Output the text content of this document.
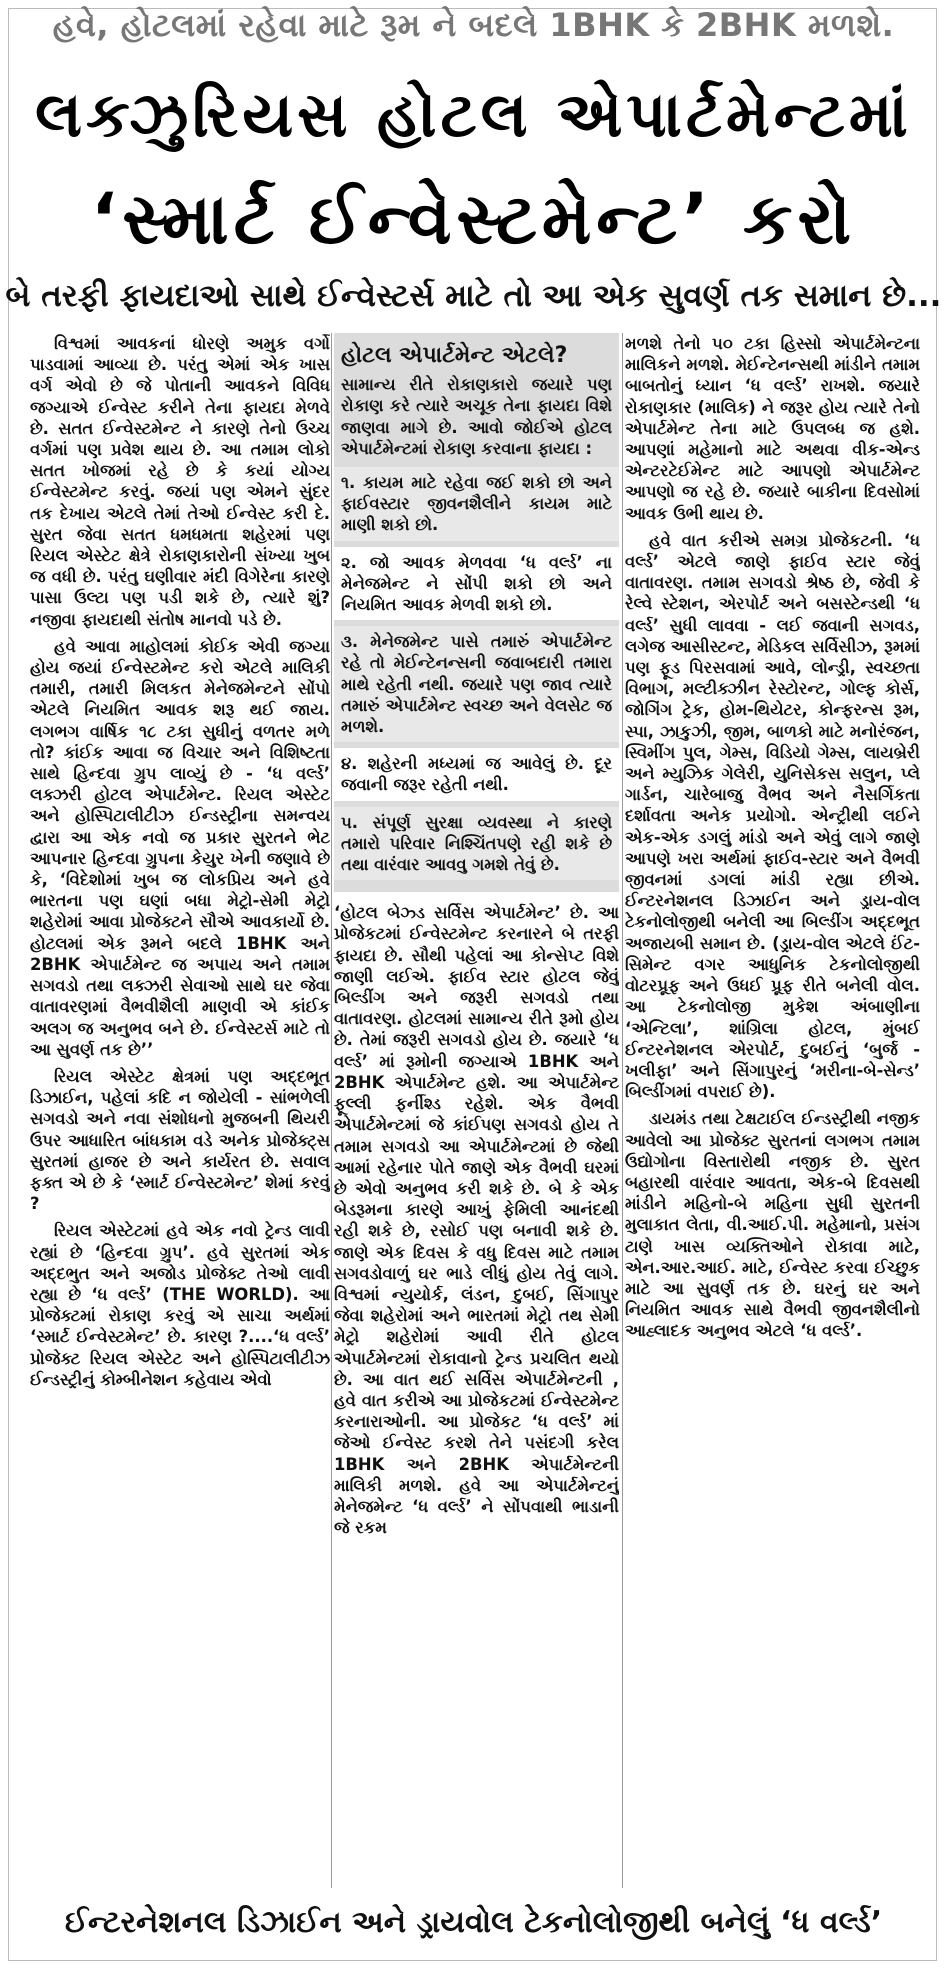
હવે, હોટલમાં રહેવા માટે રૂમ ને બદલે 1BHK કે 2BHK મળશે.
લક્ઝુરિયસ હોટલ એપાર્ટમેન્ટમાં
‘સ્માર્ટ ઈન્વેસ્ટમેન્ટ’ કરો
બે તરફી ફાયદાઓ સાથે ઈન્વેસ્ટર્સ માટે તો આ એક સુવર્ણ તક સમાન છે...

વિશ્વમાં આવકનાં ધોરણે અમુક વર્ગો પાડવામાં આવ્યા છે. પરંતુ એમાં એક ખાસ વર્ગ એવો છે જે પોતાની આવકને વિવિધ જગ્યાએ ઈન્વેસ્ટ કરીને તેના ફાયદા મેળવે છે. સતત ઈન્વેસ્ટમેન્ટ ને કારણે તેનો ઉચ્ચ વર્ગમાં પણ પ્રવેશ થાય છે. આ તમામ લોકો સતત ખોજમાં રહે છે કે કયાં યોગ્ય ઈન્વેસ્ટમેન્ટ કરવું. જયાં પણ એમને સુંદર તક દેખાય એટલે તેમાં તેઓ ઈન્વેસ્ટ કરી દે. સુરત જેવા સતત ધમધમતા શહેરમાં પણ રિયલ એસ્ટેટ ક્ષેત્રે રોકાણકારોની સંખ્યા ખુબ જ વધી છે. પરંતુ ઘણીવાર મંદી વિગેરેના કારણે પાસા ઉલ્ટા પણ પડી શકે છે, ત્યારે શું? નજીવા ફાયદાથી સંતોષ માનવો પડે છે.

હવે આવા માહોલમાં કોઈક એવી જગ્યા હોય જયાં ઈન્વેસ્ટમેન્ટ કરો એટલે માલિકી તમારી, તમારી મિલકત મેનેજમેન્ટને સોંપો એટલે નિયમિત આવક શરૂ થઈ જાય. લગભગ વાર્ષિક ૧૮ ટકા સુધીનું વળતર મળે તો? કાંઈક આવા જ વિચાર અને વિશિષ્ટતા સાથે હિન્દવા ગ્રુપ લાવ્યું છે - ‘ધ વર્લ્ડ’ લક્ઝરી હોટલ એપાર્ટમેન્ટ. રિયલ એસ્ટેટ અને હોસ્પિટાલીટીઝ ઈન્ડસ્ટ્રીના સમન્વય દ્વારા આ એક નવો જ પ્રકાર સુરતને ભેટ આપનાર હિન્દવા ગ્રુપના કેયુર ખેની જણાવે છે કે, ‘વિદેશોમાં ખુબ જ લોકપ્રિય અને હવે ભારતના પણ ઘણાં બધા મેટ્રો-સેમી મેટ્રો શહેરોમાં આવા પ્રોજેક્ટને સૌએ આવકાર્યો છે. હોટલમાં એક રૂમને બદલે 1BHK અને 2BHK એપાર્ટમેન્ટ જ અપાય અને તમામ સગવડો તથા લક્ઝરી સેવાઓ સાથે ઘર જેવા વાતાવરણમાં વૈભવીશૈલી માણવી એ કાંઈક અલગ જ અનુભવ બને છે. ઈન્વેસ્ટર્સ માટે તો આ સુવર્ણ તક છે’’

રિયલ એસ્ટેટ ક્ષેત્રમાં પણ અદ્દભૂત ડિઝાઈન, પહેલાં કદિ ન જોયેલી - સાંભળેલી સગવડો અને નવા સંશોધનો મુજબની થિયરી ઉપર આધારિત બાંધકામ વડે અનેક પ્રોજેક્ટ્સ સુરતમાં હાજર છે અને કાર્યરત છે. સવાલ ફક્ત એ છે કે ‘સ્માર્ટ ઈન્વેસ્ટમેન્ટ’ શેમાં કરવું ?

રિયલ એસ્ટેટમાં હવે એક નવો ટ્રેન્ડ લાવી રહ્યાં છે ‘હિન્દવા ગ્રુપ’. હવે સુરતમાં એક અદ્દભુત અને અજોડ પ્રોજેક્ટ તેઓ લાવી રહ્યા છે ‘ધ વર્લ્ડ’ (THE WORLD). આ પ્રોજેક્ટમાં રોકાણ કરવું એ સાચા અર્થમાં ‘સ્માર્ટ ઈન્વેસ્ટમેન્ટ’ છે. કારણ ?....‘ધ વર્લ્ડ’ પ્રોજેક્ટ રિયલ એસ્ટેટ અને હોસ્પિટાલીટીઝ ઈન્ડસ્ટ્રીનું કોમ્બીનેશન કહેવાય એવો

હોટલ એપાર્ટમેન્ટ એટલે?

સામાન્ય રીતે રોકાણકારો જયારે પણ રોકાણ કરે ત્યારે અચૂક તેના ફાયદા વિશે જાણવા માગે છે. આવો જોઈએ હોટલ એપાર્ટમેન્ટમાં રોકાણ કરવાના ફાયદા :

૧. કાયમ માટે રહેવા જઈ શકો છો અને ફાઈવસ્ટાર જીવનશૈલીને કાયમ માટે માણી શકો છો.

૨. જો આવક મેળવવા ‘ધ વર્લ્ડ’ ના મેનેજમેન્ટ ને સોંપી શકો છો અને નિયમિત આવક મેળવી શકો છો.

૩. મેનેજમેન્ટ પાસે તમારું એપાર્ટમેન્ટ રહે તો મેઈન્ટેનન્સની જવાબદારી તમારા માથે રહેતી નથી. જયારે પણ જાવ ત્યારે તમારું એપાર્ટમેન્ટ સ્વચ્છ અને વેલસેટ જ મળશે.

૪. શહેરની મધ્યમાં જ આવેલું છે. દૂર જવાની જરૂર રહેતી નથી.

૫. સંપૂર્ણ સુરક્ષા વ્યવસ્થા ને કારણે તમારો પરિવાર નિશ્ચિંતપણે રહી શકે છે તથા વારંવાર આવવુ ગમશે તેવું છે.

‘હોટલ બેઝ્ડ સર્વિસ એપાર્ટમેન્ટ’ છે. આ પ્રોજેકટમાં ઈન્વેસ્ટમેન્ટ કરનારને બે તરફી ફાયદા છે. સૌથી પહેલાં આ કોન્સેપ્ટ વિશે જાણી લઈએ. ફાઈવ સ્ટાર હોટલ જેવું બિલ્ડીંગ અને જરૂરી સગવડો તથા વાતાવરણ. હોટલમાં સામાન્ય રીતે રૂમો હોય છે. તેમાં જરૂરી સગવડો હોય છે. જયારે ‘ધ વર્લ્ડ’ માં રૂમોની જગ્યાએ 1BHK અને 2BHK એપાર્ટમેન્ટ હશે. આ એપાર્ટમેન્ટ ફૂલ્લી ફર્નીશ્ડ રહેશે. એક વૈભવી એપાર્ટમેન્ટમાં જે કાંઈપણ સગવડો હોય તે તમામ સગવડો આ એપાર્ટમેન્ટમાં છે જેથી આમાં રહેનાર પોતે જાણે એક વૈભવી ઘરમાં છે એવો અનુભવ કરી શકે છે. બે કે એક બેડરૂમના કારણે આખું ફેમિલી આનંદથી રહી શકે છે, રસોઈ પણ બનાવી શકે છે. જાણે એક દિવસ કે વધુ દિવસ માટે તમામ સગવડોવાળું ઘર ભાડે લીધું હોય તેવું લાગે. વિશ્વમાં ન્યુયોર્ક, લંડન, દુબઈ, સિંગાપુર જેવા શહેરોમાં અને ભારતમાં મેટ્રો તથ સેમી મેટ્રો શહેરોમાં આવી રીતે હોટલ એપાર્ટમેન્ટમાં રોકાવાનો ટ્રેન્ડ પ્રચલિત થયો છે. આ વાત થઈ સર્વિસ એપાર્ટમેન્ટની , હવે વાત કરીએ આ પ્રોજેકટમાં ઈન્વેસ્ટમેન્ટ કરનારાઓની. આ પ્રોજેકટ ‘ધ વર્લ્ડ’ માં જેઓ ઈન્વેસ્ટ કરશે તેને પસંદગી કરેલ 1BHK અને 2BHK એપાર્ટમેન્ટની માલિકી મળશે. હવે આ એપાર્ટમેન્ટનું મેનેજમેન્ટ ‘ધ વર્લ્ડ’ ને સોંપવાથી ભાડાની જે રકમ

મળશે તેનો ૫૦ ટકા હિસ્સો એપાર્ટમેન્ટના માલિકને મળશે. મેઈન્ટેનન્સથી માંડીને તમામ બાબતોનું ધ્યાન ‘ધ વર્લ્ડ’ રાખશે. જયારે રોકાણકાર (માલિક) ને જરૂર હોય ત્યારે તેનો એપાર્ટમેન્ટ તેના માટે ઉપલબ્ધ જ હશે. આપણાં મહેમાનો માટે અથવા વીક-એન્ડ એન્ટરટેઈમેન્ટ માટે આપણો એપાર્ટમેન્ટ આપણો જ રહે છે. જયારે બાકીના દિવસોમાં આવક ઉભી થાય છે.

હવે વાત કરીએ સમગ્ર પ્રોજેકટની. ‘ધ વર્લ્ડ’ એટલે જાણે ફાઈવ સ્ટાર જેવું વાતાવરણ. તમામ સગવડો શ્રેષ્ઠ છે, જેવી કે રેલ્વે સ્ટેશન, એરપોર્ટ અને બસસ્ટેન્ડથી ‘ધ વર્લ્ડ’ સુધી લાવવા - લઈ જવાની સગવડ, લગેજ આસીસ્ટન્ટ, મેડિકલ સર્વિસીઝ, રૂમમાં પણ ફૂડ પિરસવામાં આવે, લોન્ડ્રી, સ્વચ્છતા વિભાગ, મલ્ટીક્ઝીન રેસ્ટોરન્ટ, ગોલ્ફ કોર્સ, જોગિંગ ટ્રેક, હોમ-થિયેટર, કોન્ફરન્સ રૂમ, સ્પા, ઝાકુઝી, જીમ, બાળકો માટે મનોરંજન, સ્વિમીંગ પુલ, ગેમ્સ, વિડિયો ગેમ્સ, લાયબ્રેરી અને મ્યુઝિક ગેલેરી, યુનિસેકસ સલુન, પ્લે ગાર્ડન, ચારેબાજુ વૈભવ અને નૈસર્ગિકતા દર્શાવતા અનેક પ્રયોગો. એન્ટ્રીથી લઈને એક-એક ડગલું માંડો અને એવું લાગે જાણે આપણે ખરા અર્થમાં ફાઈવ-સ્ટાર અને વૈભવી જીવનમાં ડગલાં માંડી રહ્યા છીએ. ઈન્ટરનેશનલ ડિઝાઈન અને ડ્રાય-વોલ ટેકનોલોજીથી બનેલી આ બિલ્ડીંગ અદ્દભૂત અજાયબી સમાન છે. (ડ્રાય-વોલ એટલે ઈંટ-સિમેન્ટ વગર આધુનિક ટેકનોલોજીથી વોટરપ્રૂફ અને ઉધઈ પ્રૂફ રીતે બનેલી વોલ. આ ટેકનોલોજી મુકેશ અંબાણીના ‘એન્ટિલા’, શાંગ્રિલા હોટલ, મુંબઈ ઈન્ટરનેશનલ એરપોર્ટ, દુબઈનું ‘બુર્જ - ખલીફા’ અને સિંગાપુરનું ‘મરીના-બે-સેન્ડ’ બિલ્ડીંગમાં વપરાઈ છે).

ડાયમંડ તથા ટેક્ષટાઈલ ઈન્ડસ્ટ્રીથી નજીક આવેલો આ પ્રોજેક્ટ સુરતનાં લગભગ તમામ ઉદ્યોગોના વિસ્તારોથી નજીક છે. સુરત બહારથી વારંવાર આવતા, એક-બે દિવસથી માંડીને મહિનો-બે મહિના સુધી સુરતની મુલાકાત લેતા, વી.આઈ.પી. મહેમાનો, પ્રસંગ ટાણે ખાસ વ્યક્તિઓને રોકાવા માટે, એન.આર.આઈ. માટે, ઈન્વેસ્ટ કરવા ઈચ્છુક માટે આ સુવર્ણ તક છે. ઘરનું ઘર અને નિયમિત આવક સાથે વૈભવી જીવનશૈલીનો આહ્લાદક અનુભવ એટલે ‘ધ વર્લ્ડ’.

ઈન્ટરનેશનલ ડિઝાઈન અને ડ્રાયવોલ ટેકનોલોજીથી બનેલું ‘ધ વર્લ્ડ’
